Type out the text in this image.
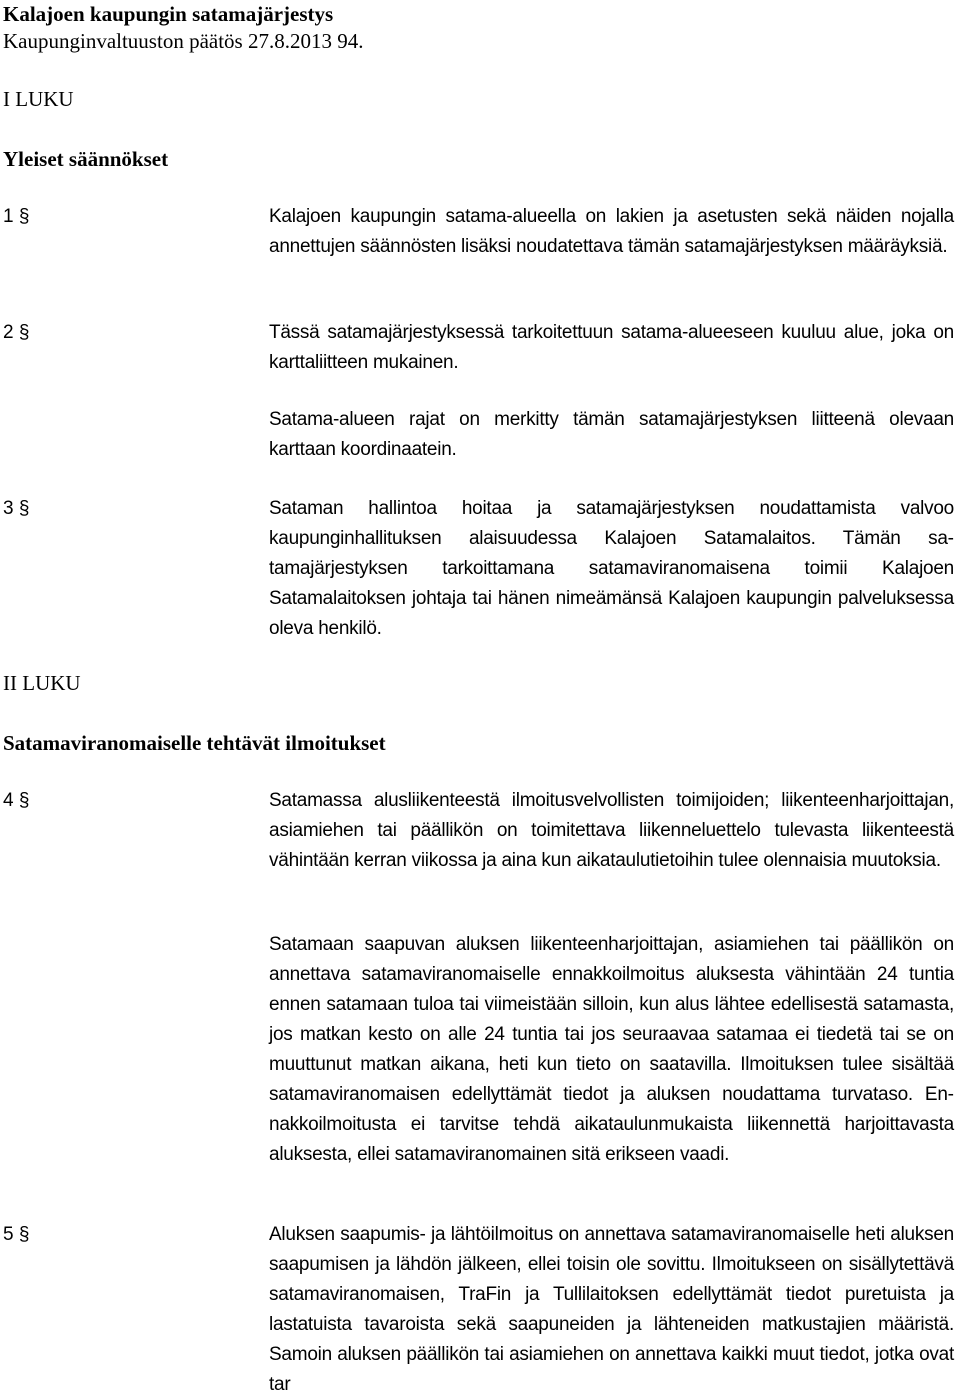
Kalajoen kaupungin satamajärjestys

Kaupunginvaltuuston päätös 27.8.2013 94.

I LUKU

Yleiset säännökset

1 §	Kalajoen kaupungin satama-alueella on lakien ja asetusten sekä näiden nojalla annettujen säännösten lisäksi noudatettava tämän satamajärjestyksen määräyksiä.

2 §	Tässä satamajärjestyksessä tarkoitettuun satama-alueeseen kuuluu alue, joka on karttaliitteen mukainen.

Satama-alueen rajat on merkitty tämän satamajärjestyksen liitteenä olevaan karttaan koordinaatein.

3 §	Sataman hallintoa hoitaa ja satamajärjestyksen noudattamista valvoo kaupunginhallituksen alaisuudessa Kalajoen Satamalaitos. Tämän satamajärjestyksen tarkoittamana satamaviranomaisena toimii Kalajoen Satamalaitoksen johtaja tai hänen nimeämänsä Kalajoen kaupungin palveluksessa oleva henkilö.

II LUKU

Satamaviranomaiselle tehtävät ilmoitukset

4 §	Satamassa alusliikenteestä ilmoitusvelvollisten toimijoiden; liikenteenharjoittajan, asiamiehen tai päällikön on toimitettava liikenneluettelo tulevasta liikenteestä vähintään kerran viikossa ja aina kun aikataulutietoihin tulee olennaisia muutoksia.

Satamaan saapuvan aluksen liikenteenharjoittajan, asiamiehen tai päällikön on annettava satamaviranomaiselle ennakkoilmoitus aluksesta vähintään 24 tuntia ennen satamaan tuloa tai viimeistään silloin, kun alus lähtee edellisestä satamasta, jos matkan kesto on alle 24 tuntia tai jos seuraavaa satamaa ei tiedetä tai se on muuttunut matkan aikana, heti kun tieto on saatavilla. Ilmoituksen tulee sisältää satamaviranomaisen edellyttämät tiedot ja aluksen noudattama turvataso. Ennakkoilmoitusta ei tarvitse tehdä aikataulunmukaista liikennettä harjoittavasta aluksesta, ellei satamaviranomainen sitä erikseen vaadi.

5 §	Aluksen saapumis- ja lähtöilmoitus on annettava satamaviranomaiselle heti aluksen saapumisen ja lähdön jälkeen, ellei toisin ole sovittu. Ilmoitukseen on sisällytettävä satamaviranomaisen, TraFin ja Tullilaitoksen edellyttämät tiedot puretuista ja lastatuista tavaroista sekä saapuneiden ja lähteneiden matkustajien määristä. Samoin aluksen päällikön tai asiamiehen on annettava kaikki muut tiedot, jotka ovat tar
